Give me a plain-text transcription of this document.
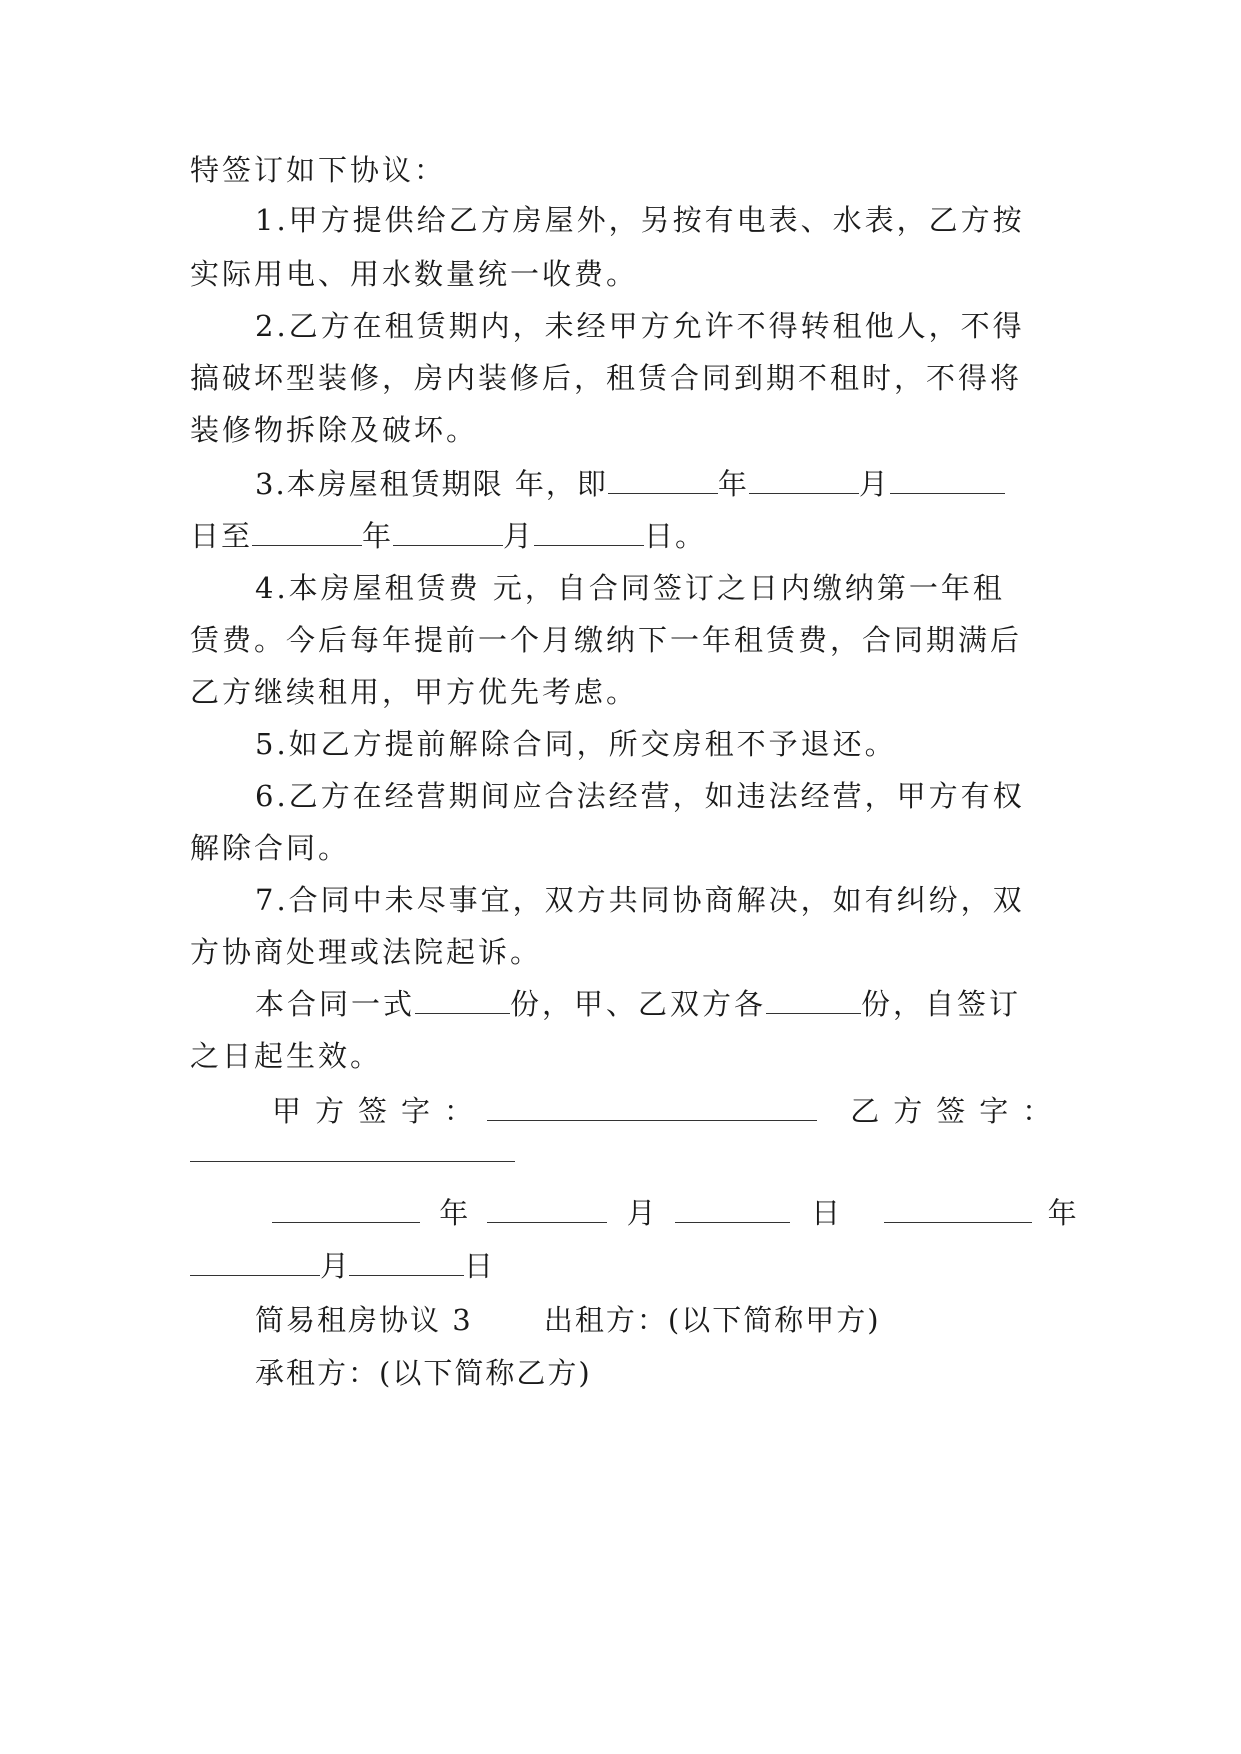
特签订如下协议：
1.甲方提供给乙方房屋外，另按有电表、水表，乙方按
实际用电、用水数量统一收费。
2.乙方在租赁期内，未经甲方允许不得转租他人，不得
搞破坏型装修，房内装修后，租赁合同到期不租时，不得将
装修物拆除及破坏。
3.本房屋租赁期限 年，即	年	月
日至	年	月	日。
4.本房屋租赁费 元，自合同签订之日内缴纳第一年租
赁费。今后每年提前一个月缴纳下一年租赁费，合同期满后
乙方继续租用，甲方优先考虑。
5.如乙方提前解除合同，所交房租不予退还。
6.乙方在经营期间应合法经营，如违法经营，甲方有权
解除合同。
7.合同中未尽事宜，双方共同协商解决，如有纠纷，双
方协商处理或法院起诉。
本合同一式	份，甲、乙双方各	份，自签订
之日起生效。
甲方签字：	乙方签字：
年	月	日	年
月	日
简易租房协议 3 出租方：(以下简称甲方)
承租方：(以下简称乙方)
